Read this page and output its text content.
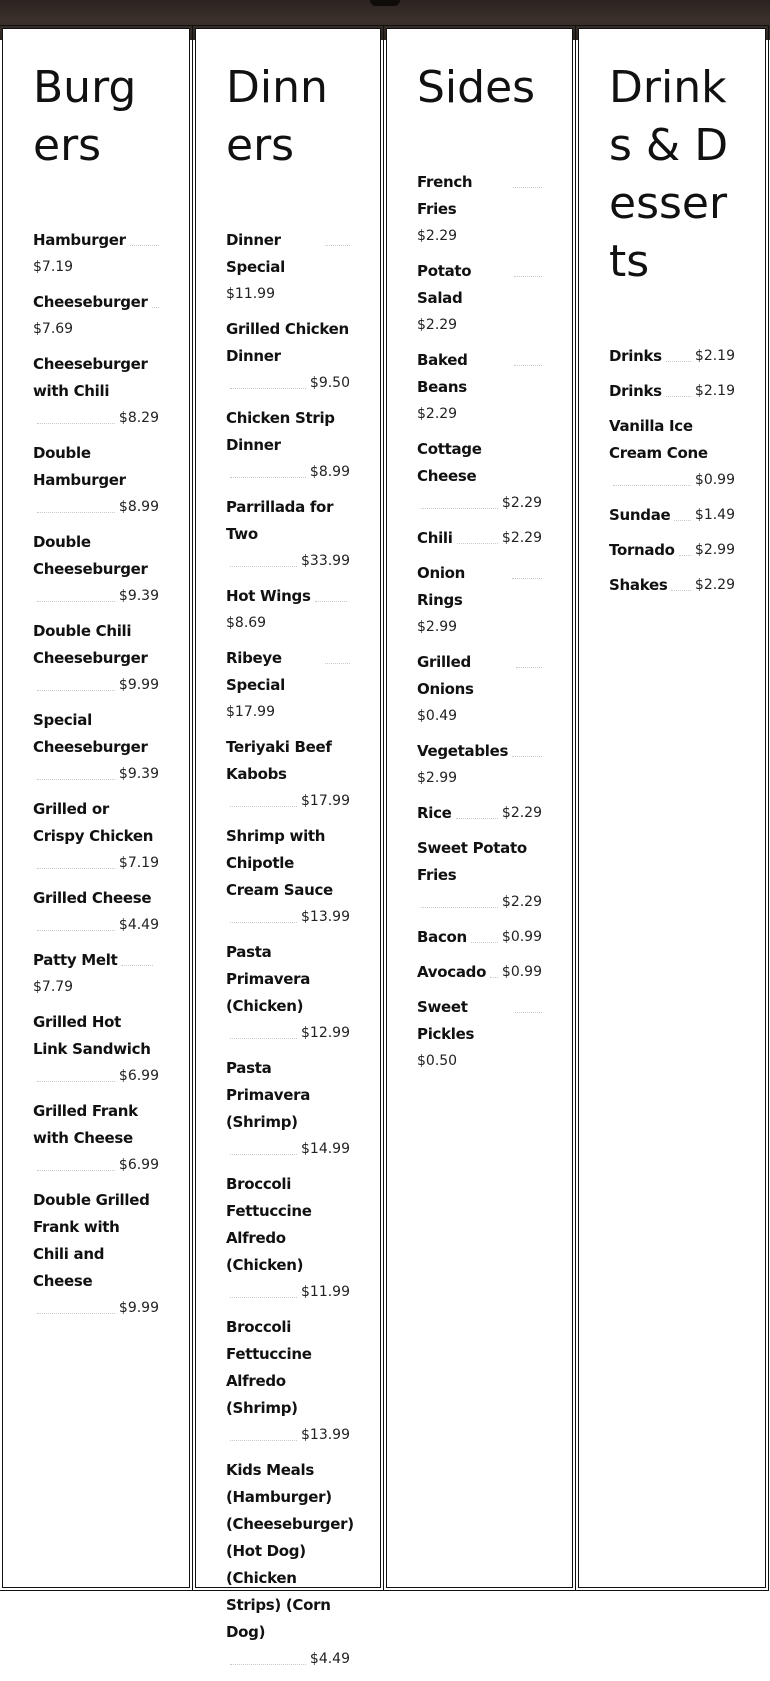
Burgers
Hamburger
$7.19
Cheeseburger
$7.69
Cheeseburger with Chili
$8.29
Double Hamburger
$8.99
Double Cheeseburger
$9.39
Double Chili Cheeseburger
$9.99
Special Cheeseburger
$9.39
Grilled or Crispy Chicken
$7.19
Grilled Cheese
$4.49
Patty Melt
$7.79
Grilled Hot Link Sandwich
$6.99
Grilled Frank with Cheese
$6.99
Double Grilled Frank with Chili and Cheese
$9.99
Dinners
Dinner Special
$11.99
Grilled Chicken Dinner
$9.50
Chicken Strip Dinner
$8.99
Parrillada for Two
$33.99
Hot Wings
$8.69
Ribeye Special
$17.99
Teriyaki Beef Kabobs
$17.99
Shrimp with Chipotle Cream Sauce
$13.99
Pasta Primavera (Chicken)
$12.99
Pasta Primavera (Shrimp)
$14.99
Broccoli Fettuccine Alfredo (Chicken)
$11.99
Broccoli Fettuccine Alfredo (Shrimp)
$13.99
Kids Meals (Hamburger) (Cheeseburger) (Hot Dog) (Chicken Strips) (Corn Dog)
$4.49
Sides
French Fries
$2.29
Potato Salad
$2.29
Baked Beans
$2.29
Cottage Cheese
$2.29
Chili	$2.29
Onion Rings
$2.99
Grilled Onions
$0.49
Vegetables
$2.99
Rice	$2.29
Sweet Potato Fries
$2.29
Bacon $0.99
Avocado $0.99
Sweet Pickles
$0.50
Drinks & Desserts
Drinks $2.19
Drinks $2.19
Vanilla Ice Cream Cone
$0.99
Sundae $1.49
Tornado $2.99
Shakes $2.29
